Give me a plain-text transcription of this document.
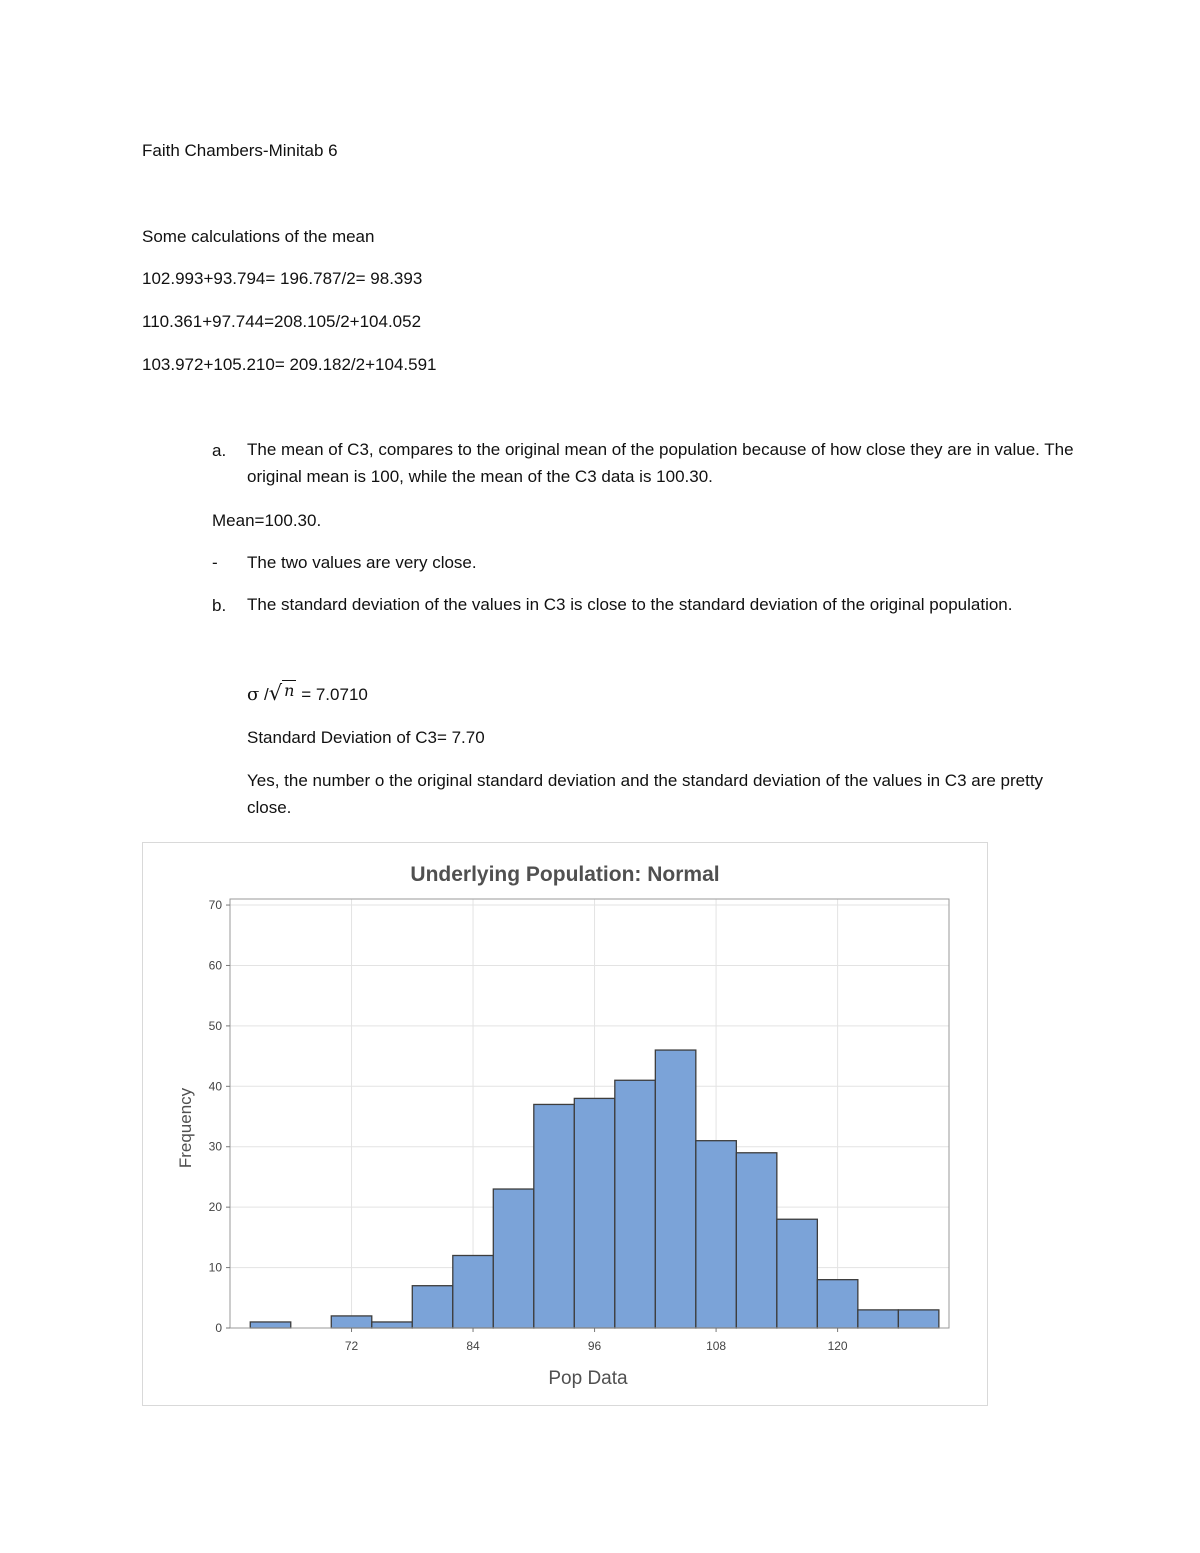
Faith Chambers-Minitab 6
Some calculations of the mean
102.993+93.794= 196.787/2= 98.393
110.361+97.744=208.105/2+104.052
103.972+105.210= 209.182/2+104.591
a. The mean of C3, compares to the original mean of the population because of how close they are in value. The original mean is 100, while the mean of the C3 data is 100.30.
Mean=100.30.
- The two values are very close.
b. The standard deviation of the values in C3 is close to the standard deviation of the original population.
σ /√ n = 7.0710
Standard Deviation of C3= 7.70
Yes, the number o the original standard deviation and the standard deviation of the values in C3 are pretty close.
Underlying Population: Normal
0
10
20
30
40
50
60
70
72	84	96	108	120
Pop Data
Frequency
